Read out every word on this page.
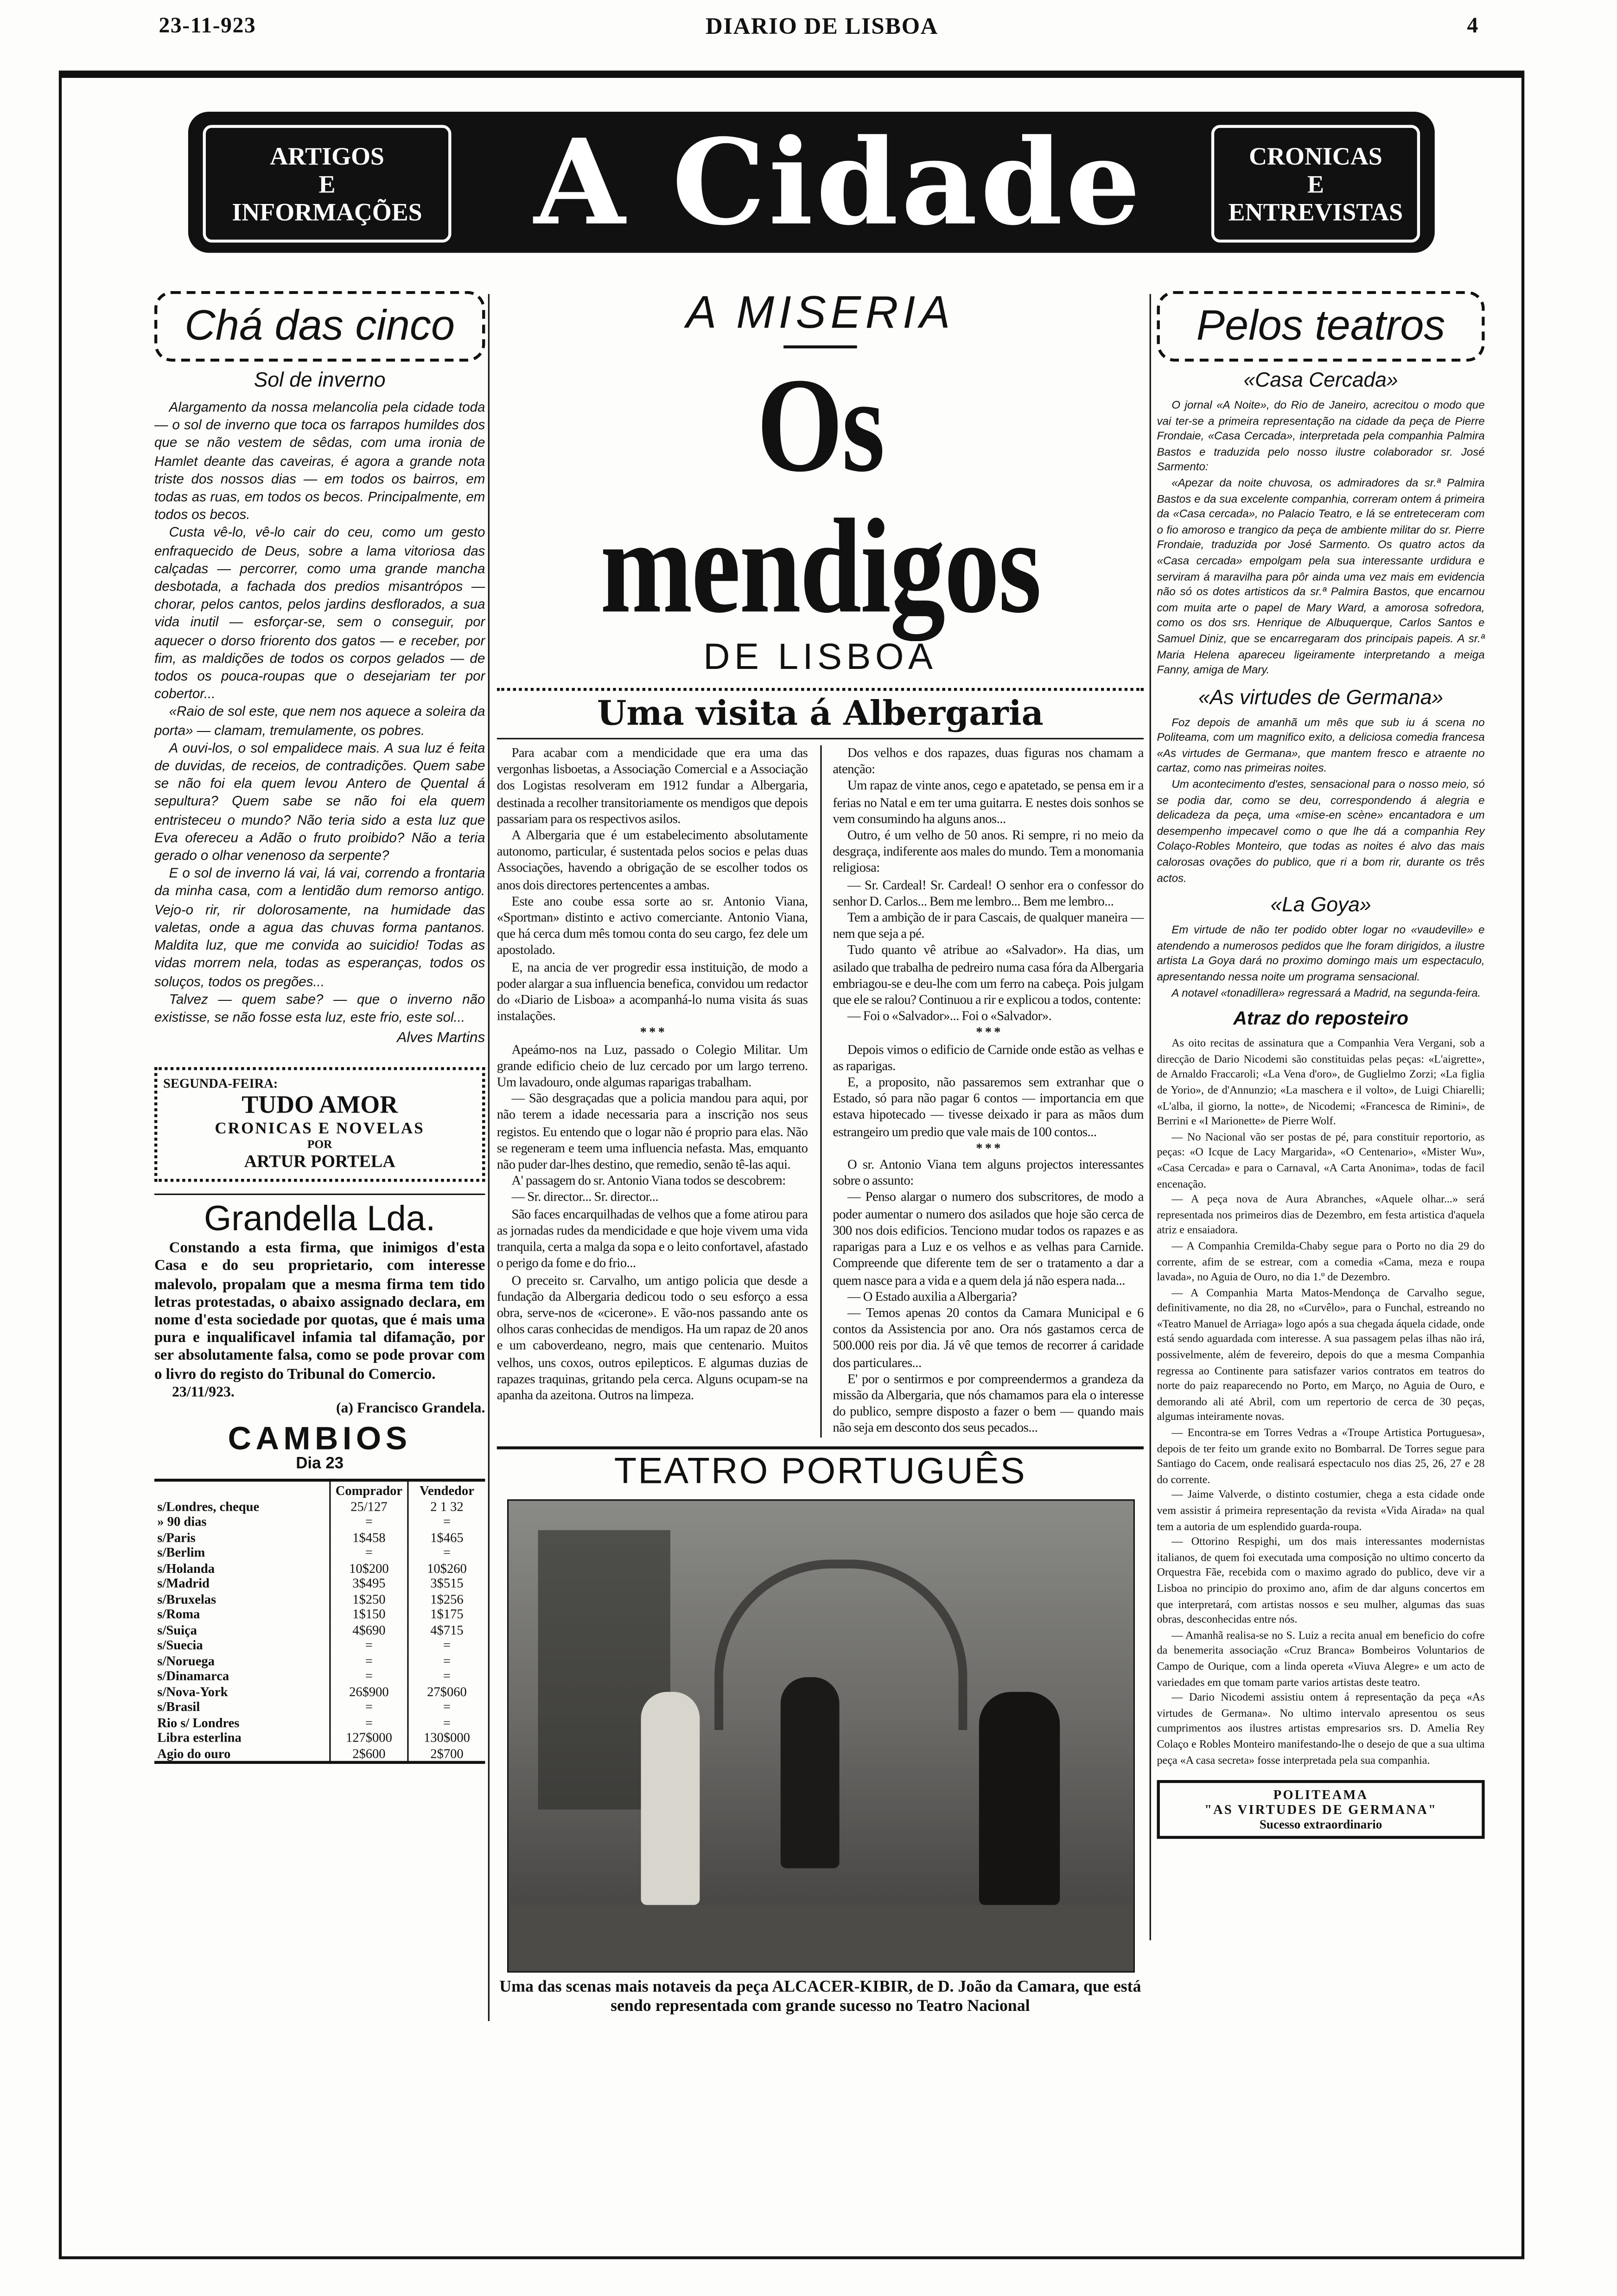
23-11-923	DIARIO DE LISBOA	4
ARTIGOS
E
INFORMAÇÕES	A Cidade	CRONICAS
E
ENTREVISTAS
Chá das cinco
Sol de inverno

Alargamento da nossa melancolia pela cidade toda — o sol de inverno que toca os farrapos humildes dos que se não vestem de sêdas, com uma ironia de Hamlet deante das caveiras, é agora a grande nota triste dos nossos dias — em todos os bairros, em todas as ruas, em todos os becos. Principalmente, em todos os becos.

Custa vê-lo, vê-lo cair do ceu, como um gesto enfraquecido de Deus, sobre a lama vitoriosa das calçadas — percorrer, como uma grande mancha desbotada, a fachada dos predios misantrópos — chorar, pelos cantos, pelos jardins desflorados, a sua vida inutil — esforçar-se, sem o conseguir, por aquecer o dorso friorento dos gatos — e receber, por fim, as maldições de todos os corpos gelados — de todos os pouca-roupas que o desejariam ter por cobertor...

«Raio de sol este, que nem nos aquece a soleira da porta» — clamam, tremulamente, os pobres.

A ouvi-los, o sol empalidece mais. A sua luz é feita de duvidas, de receios, de contradições. Quem sabe se não foi ela quem levou Antero de Quental á sepultura? Quem sabe se não foi ela quem entristeceu o mundo? Não teria sido a esta luz que Eva ofereceu a Adão o fruto proibido? Não a teria gerado o olhar venenoso da serpente?

E o sol de inverno lá vai, lá vai, correndo a frontaria da minha casa, com a lentidão dum remorso antigo. Vejo-o rir, rir dolorosamente, na humidade das valetas, onde a agua das chuvas forma pantanos. Maldita luz, que me convida ao suicidio! Todas as vidas morrem nela, todas as esperanças, todos os soluços, todos os pregões...

Talvez — quem sabe? — que o inverno não existisse, se não fosse esta luz, este frio, este sol...

Alves Martins
SEGUNDA-FEIRA:
TUDO AMOR
CRONICAS E NOVELAS
POR
ARTUR PORTELA
Grandella Lda.
Constando a esta firma, que inimigos d'esta Casa e do seu proprietario, com interesse malevolo, propalam que a mesma firma tem tido letras protestadas, o abaixo assignado declara, em nome d'esta sociedade por quotas, que é mais uma pura e inqualificavel infamia tal difamação, por ser absolutamente falsa, como se pode provar com o livro do registo do Tribunal do Comercio.
23/11/923.
(a) Francisco Grandela.
CAMBIOS
Dia 23
	Comprador	Vendedor
s/Londres, cheque	25/127	2 1 32
» 90 dias	=	=
s/Paris	1$458	1$465
s/Berlim	=	=
s/Holanda	10$200	10$260
s/Madrid	3$495	3$515
s/Bruxelas	1$250	1$256
s/Roma	1$150	1$175
s/Suiça	4$690	4$715
s/Suecia	=	=
s/Noruega	=	=
s/Dinamarca	=	=
s/Nova-York	26$900	27$060
s/Brasil	=	=
Rio s/ Londres	=	=
Libra esterlina	127$000	130$000
Agio do ouro	2$600	2$700
A MISERIA
Os mendigos
DE LISBOA
Uma visita á Albergaria

Para acabar com a mendicidade que era uma das vergonhas lisboetas, a Associação Comercial e a Associação dos Logistas resolveram em 1912 fundar a Albergaria, destinada a recolher transitoriamente os mendigos que depois passariam para os respectivos asilos.

A Albergaria que é um estabelecimento absolutamente autonomo, particular, é sustentada pelos socios e pelas duas Associações, havendo a obrigação de se escolher todos os anos dois directores pertencentes a ambas.

Este ano coube essa sorte ao sr. Antonio Viana, «Sportman» distinto e activo comerciante. Antonio Viana, que há cerca dum mês tomou conta do seu cargo, fez dele um apostolado.

E, na ancia de ver progredir essa instituição, de modo a poder alargar a sua influencia benefica, convidou um redactor do «Diario de Lisboa» a acompanhá-lo numa visita ás suas instalações.

* * *

Apeámo-nos na Luz, passado o Colegio Militar. Um grande edificio cheio de luz cercado por um largo terreno. Um lavadouro, onde algumas raparigas trabalham.

— São desgraçadas que a policia mandou para aqui, por não terem a idade necessaria para a inscrição nos seus registos. Eu entendo que o logar não é proprio para elas. Não se regeneram e teem uma influencia nefasta. Mas, emquanto não puder dar-lhes destino, que remedio, senão tê-las aqui.

A' passagem do sr. Antonio Viana todos se descobrem:

— Sr. director... Sr. director...

São faces encarquilhadas de velhos que a fome atirou para as jornadas rudes da mendicidade e que hoje vivem uma vida tranquila, certa a malga da sopa e o leito confortavel, afastado o perigo da fome e do frio...

O preceito sr. Carvalho, um antigo policia que desde a fundação da Albergaria dedicou todo o seu esforço a essa obra, serve-nos de «cicerone». E vão-nos passando ante os olhos caras conhecidas de mendigos. Ha um rapaz de 20 anos e um caboverdeano, negro, mais que centenario. Muitos velhos, uns coxos, outros epilepticos. E algumas duzias de rapazes traquinas, gritando pela cerca. Alguns ocupam-se na apanha da azeitona. Outros na limpeza.

Dos velhos e dos rapazes, duas figuras nos chamam a atenção:

Um rapaz de vinte anos, cego e apatetado, se pensa em ir a ferias no Natal e em ter uma guitarra. E nestes dois sonhos se vem consumindo ha alguns anos...

Outro, é um velho de 50 anos. Ri sempre, ri no meio da desgraça, indiferente aos males do mundo. Tem a monomania religiosa:

— Sr. Cardeal! Sr. Cardeal! O senhor era o confessor do senhor D. Carlos... Bem me lembro... Bem me lembro...

Tem a ambição de ir para Cascais, de qualquer maneira — nem que seja a pé.

Tudo quanto vê atribue ao «Salvador». Ha dias, um asilado que trabalha de pedreiro numa casa fóra da Albergaria embriagou-se e deu-lhe com um ferro na cabeça. Pois julgam que ele se ralou? Continuou a rir e explicou a todos, contente:

— Foi o «Salvador»... Foi o «Salvador».

* * *

Depois vimos o edificio de Carnide onde estão as velhas e as raparigas.

E, a proposito, não passaremos sem extranhar que o Estado, só para não pagar 6 contos — importancia em que estava hipotecado — tivesse deixado ir para as mãos dum estrangeiro um predio que vale mais de 100 contos...

* * *

O sr. Antonio Viana tem alguns projectos interessantes sobre o assunto:

— Penso alargar o numero dos subscritores, de modo a poder aumentar o numero dos asilados que hoje são cerca de 300 nos dois edificios. Tenciono mudar todos os rapazes e as raparigas para a Luz e os velhos e as velhas para Carnide. Compreende que diferente tem de ser o tratamento a dar a quem nasce para a vida e a quem dela já não espera nada...

— O Estado auxilia a Albergaria?

— Temos apenas 20 contos da Camara Municipal e 6 contos da Assistencia por ano. Ora nós gastamos cerca de 500.000 reis por dia. Já vê que temos de recorrer á caridade dos particulares...

E' por o sentirmos e por compreendermos a grandeza da missão da Albergaria, que nós chamamos para ela o interesse do publico, sempre disposto a fazer o bem — quando mais não seja em desconto dos seus pecados...

TEATRO PORTUGUÊS
Uma das scenas mais notaveis da peça ALCACER-KIBIR, de D. João da Camara, que está sendo representada com grande sucesso no Teatro Nacional
Pelos teatros
«Casa Cercada»

O jornal «A Noite», do Rio de Janeiro, acrecitou o modo que vai ter-se a primeira representação na cidade da peça de Pierre Frondaie, «Casa Cercada», interpretada pela companhia Palmira Bastos e traduzida pelo nosso ilustre colaborador sr. José Sarmento:

«Apezar da noite chuvosa, os admiradores da sr.ª Palmira Bastos e da sua excelente companhia, correram ontem á primeira da «Casa cercada», no Palacio Teatro, e lá se entreteceram com o fio amoroso e trangico da peça de ambiente militar do sr. Pierre Frondaie, traduzida por José Sarmento. Os quatro actos da «Casa cercada» empolgam pela sua interessante urdidura e serviram á maravilha para pôr ainda uma vez mais em evidencia não só os dotes artisticos da sr.ª Palmira Bastos, que encarnou com muita arte o papel de Mary Ward, a amorosa sofredora, como os dos srs. Henrique de Albuquerque, Carlos Santos e Samuel Diniz, que se encarregaram dos principais papeis. A sr.ª Maria Helena apareceu ligeiramente interpretando a meiga Fanny, amiga de Mary.

«As virtudes de Germana»

Foz depois de amanhã um mês que sub iu á scena no Politeama, com um magnifico exito, a deliciosa comedia francesa «As virtudes de Germana», que mantem fresco e atraente no cartaz, como nas primeiras noites.

Um acontecimento d'estes, sensacional para o nosso meio, só se podia dar, como se deu, correspondendo á alegria e delicadeza da peça, uma «mise-en scène» encantadora e um desempenho impecavel como o que lhe dá a companhia Rey Colaço-Robles Monteiro, que todas as noites é alvo das mais calorosas ovações do publico, que ri a bom rir, durante os três actos.

«La Goya»

Em virtude de não ter podido obter logar no «vaudeville» e atendendo a numerosos pedidos que lhe foram dirigidos, a ilustre artista La Goya dará no proximo domingo mais um espectaculo, apresentando nessa noite um programa sensacional.

A notavel «tonadillera» regressará a Madrid, na segunda-feira.

Atraz do reposteiro

As oito recitas de assinatura que a Companhia Vera Vergani, sob a direcção de Dario Nicodemi são constituidas pelas peças: «L'aigrette», de Arnaldo Fraccaroli; «La Vena d'oro», de Guglielmo Zorzi; «La figlia de Yorio», de d'Annunzio; «La maschera e il volto», de Luigi Chiarelli; «L'alba, il giorno, la notte», de Nicodemi; «Francesca de Rimini», de Berrini e «I Marionette» de Pierre Wolf.

— No Nacional vão ser postas de pé, para constituir reportorio, as peças: «O Icque de Lacy Margarida», «O Centenario», «Mister Wu», «Casa Cercada» e para o Carnaval, «A Carta Anonima», todas de facil encenação.

— A peça nova de Aura Abranches, «Aquele olhar...» será representada nos primeiros dias de Dezembro, em festa artistica d'aquela atriz e ensaiadora.

— A Companhia Cremilda-Chaby segue para o Porto no dia 29 do corrente, afim de se estrear, com a comedia «Cama, meza e roupa lavada», no Aguia de Ouro, no dia 1.º de Dezembro.

— A Companhia Marta Matos-Mendonça de Carvalho segue, definitivamente, no dia 28, no «Curvêlo», para o Funchal, estreando no «Teatro Manuel de Arriaga» logo após a sua chegada áquela cidade, onde está sendo aguardada com interesse. A sua passagem pelas ilhas não irá, possivelmente, além de fevereiro, depois do que a mesma Companhia regressa ao Continente para satisfazer varios contratos em teatros do norte do paiz reaparecendo no Porto, em Março, no Aguia de Ouro, e demorando ali até Abril, com um repertorio de cerca de 30 peças, algumas inteiramente novas.

— Encontra-se em Torres Vedras a «Troupe Artistica Portuguesa», depois de ter feito um grande exito no Bombarral. De Torres segue para Santiago do Cacem, onde realisará espectaculo nos dias 25, 26, 27 e 28 do corrente.

— Jaime Valverde, o distinto costumier, chega a esta cidade onde vem assistir á primeira representação da revista «Vida Airada» na qual tem a autoria de um esplendido guarda-roupa.

— Ottorino Respighi, um dos mais interessantes modernistas italianos, de quem foi executada uma composição no ultimo concerto da Orquestra Fãe, recebida com o maximo agrado do publico, deve vir a Lisboa no principio do proximo ano, afim de dar alguns concertos em que interpretará, com artistas nossos e seu mulher, algumas das suas obras, desconhecidas entre nós.

— Amanhã realisa-se no S. Luiz a recita anual em beneficio do cofre da benemerita associação «Cruz Branca» Bombeiros Voluntarios de Campo de Ourique, com a linda opereta «Viuva Alegre» e um acto de variedades em que tomam parte varios artistas deste teatro.

— Dario Nicodemi assistiu ontem á representação da peça «As virtudes de Germana». No ultimo intervalo apresentou os seus cumprimentos aos ilustres artistas empresarios srs. D. Amelia Rey Colaço e Robles Monteiro manifestando-lhe o desejo de que a sua ultima peça «A casa secreta» fosse interpretada pela sua companhia.

POLITEAMA
"AS VIRTUDES DE GERMANA"
Sucesso extraordinario
